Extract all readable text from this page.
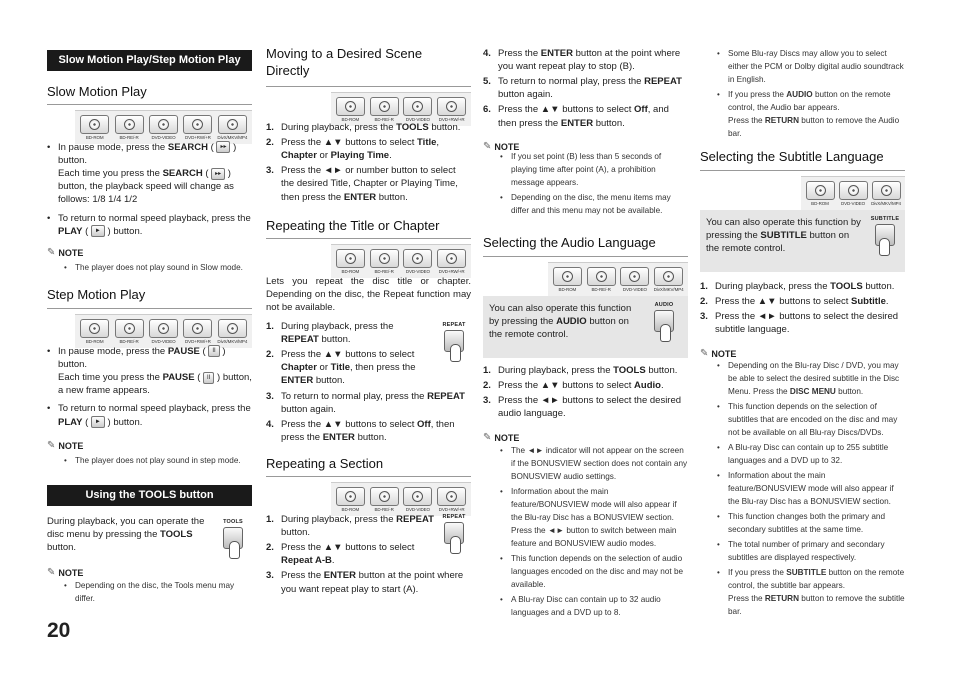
Slow Motion Play/Step Motion Play
Slow Motion Play
BD-ROM	BD-RE/-R	DVD-VIDEO DVD+RW/+R DivX/MKV/MP4
• In pause mode, press the SEARCH ( ▸▸ ) button.
Each time you press the SEARCH ( ▸▸ ) button, the playback speed will change as follows: 1/8 1/4 1/2
• To return to normal speed playback, press the PLAY ( ► ) button.
✎ NOTE
• The player does not play sound in Slow mode.
Step Motion Play
BD-ROM	BD-RE/-R	DVD-VIDEO DVD+RW/+R DivX/MKV/MP4
• In pause mode, press the PAUSE ( II ) button.
Each time you press the PAUSE ( II ) button, a new frame appears.
• To return to normal speed playback, press the PLAY ( ► ) button.
✎ NOTE
• The player does not play sound in step mode.
Using the TOOLS button
During playback, you can operate the disc menu by pressing the TOOLS button.
TOOLS
✎ NOTE
• Depending on the disc, the Tools menu may differ.
20
Moving to a Desired Scene Directly
BD-ROM	BD-RE/-R	DVD-VIDEO DVD+RW/+R
1. During playback, press the TOOLS button.
2. Press the ▲▼ buttons to select Title, Chapter or Playing Time.
3. Press the ◄► or number button to select the desired Title, Chapter or Playing Time, then press the ENTER button.
Repeating the Title or Chapter
BD-ROM	BD-RE/-R	DVD-VIDEO DVD+RW/+R
Lets you repeat the disc title or chapter. Depending on the disc, the Repeat function may not be available.
1. During playback, press the REPEAT button.
2. Press the ▲▼ buttons to select Chapter or Title, then press the ENTER button.
3. To return to normal play, press the REPEAT button again.
4. Press the ▲▼ buttons to select Off, then press the ENTER button.
REPEAT
Repeating a Section
BD-ROM	BD-RE/-R	DVD-VIDEO DVD+RW/+R
1. During playback, press the REPEAT button.
2. Press the ▲▼ buttons to select Repeat A-B.
3. Press the ENTER button at the point where you want repeat play to start (A).
REPEAT
4. Press the ENTER button at the point where you want repeat play to stop (B).
5. To return to normal play, press the REPEAT button again.
6. Press the ▲▼ buttons to select Off, and then press the ENTER button.
✎ NOTE
• If you set point (B) less than 5 seconds of playing time after point (A), a prohibition message appears.
• Depending on the disc, the menu items may differ and this menu may not be available.
Selecting the Audio Language
BD-ROM	BD-RE/-R	DVD-VIDEO DivX/MKV/MP4
You can also operate this function by pressing the AUDIO button on the remote control.
AUDIO
1. During playback, press the TOOLS button.
2. Press the ▲▼ buttons to select Audio.
3. Press the ◄► buttons to select the desired audio language.
✎ NOTE
• The ◄► indicator will not appear on the screen if the BONUSVIEW section does not contain any BONUSVIEW audio settings.
• Information about the main feature/BONUSVIEW mode will also appear if the Blu-ray Disc has a BONUSVIEW section.
Press the ◄► button to switch between main feature and BONUSVIEW audio modes.
• This function depends on the selection of audio languages encoded on the disc and may not be available.
• A Blu-ray Disc can contain up to 32 audio languages and a DVD up to 8.
• Some Blu-ray Discs may allow you to select either the PCM or Dolby digital audio soundtrack in English.
• If you press the AUDIO button on the remote control, the Audio bar appears.
Press the RETURN button to remove the Audio bar.
Selecting the Subtitle Language
BD-ROM	DVD-VIDEO DivX/MKV/MP4
You can also operate this function by pressing the SUBTITLE button on the remote control.
SUBTITLE
1. During playback, press the TOOLS button.
2. Press the ▲▼ buttons to select Subtitle.
3. Press the ◄► buttons to select the desired subtitle language.
✎ NOTE
• Depending on the Blu-ray Disc / DVD, you may be able to select the desired subtitle in the Disc Menu. Press the DISC MENU button.
• This function depends on the selection of subtitles that are encoded on the disc and may not be available on all Blu-ray Discs/DVDs.
• A Blu-ray Disc can contain up to 255 subtitle languages and a DVD up to 32.
• Information about the main feature/BONUSVIEW mode will also appear if the Blu-ray Disc has a BONUSVIEW section.
• This function changes both the primary and secondary subtitles at the same time.
• The total number of primary and secondary subtitles are displayed respectively.
• If you press the SUBTITLE button on the remote control, the subtitle bar appears.
Press the RETURN button to remove the subtitle bar.
